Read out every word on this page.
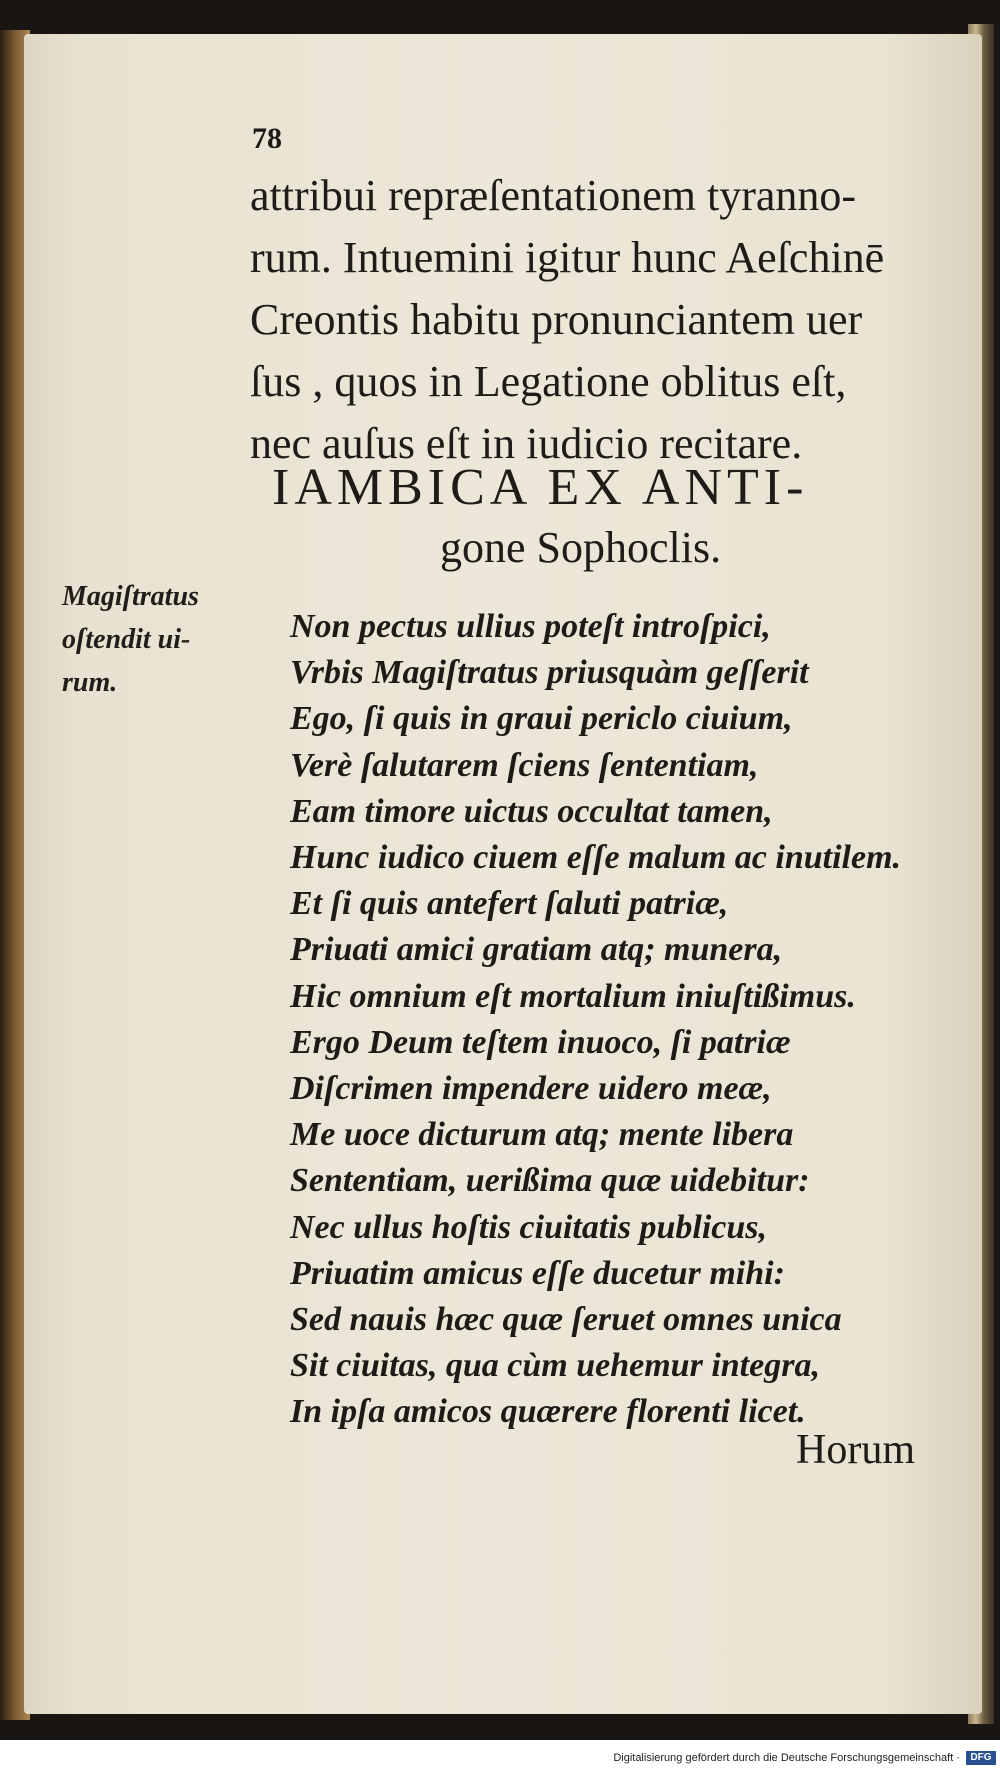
78
attribui repræſentationem tyranno-
rum. Intuemini igitur hunc Aeſchinē
Creontis habitu pronunciantem uer
ſus , quos in Legatione oblitus eſt,
nec auſus eſt in iudicio recitare.
IAMBICA EX ANTI-
gone Sophoclis.
Magiſtratus
oſtendit ui-
rum.
Non pectus ullius poteſt introſpici,
Vrbis Magiſtratus priusquàm geſſerit
Ego, ſi quis in graui periclo ciuium,
Verè ſalutarem ſciens ſententiam,
Eam timore uictus occultat tamen,
Hunc iudico ciuem eſſe malum ac inutilem.
Et ſi quis antefert ſaluti patriæ,
Priuati amici gratiam atq; munera,
Hic omnium eſt mortalium iniuſtißimus.
Ergo Deum teſtem inuoco, ſi patriæ
Diſcrimen impendere uidero meæ,
Me uoce dicturum atq; mente libera
Sententiam, uerißima quæ uidebitur:
Nec ullus hoſtis ciuitatis publicus,
Priuatim amicus eſſe ducetur mihi:
Sed nauis hæc quæ ſeruet omnes unica
Sit ciuitas, qua cùm uehemur integra,
In ipſa amicos quærere florenti licet.
Horum
Digitalisierung gefördert durch die Deutsche Forschungsgemeinschaft ·	DFG
